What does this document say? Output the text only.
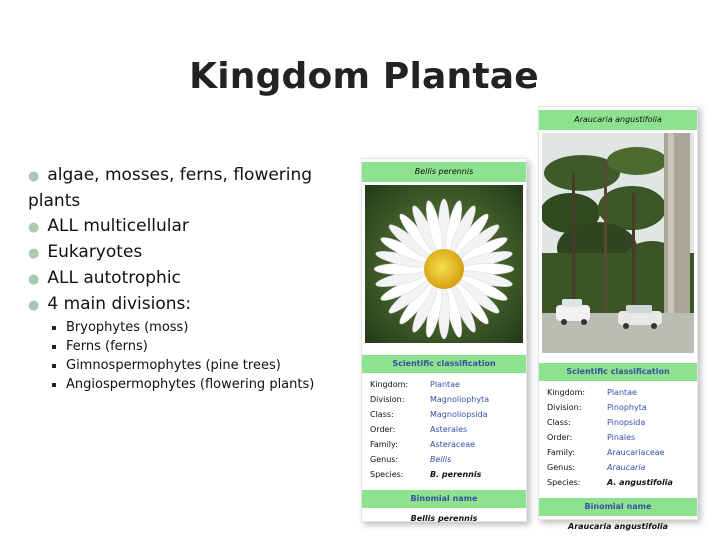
Kingdom Plantae
● algae, mosses, ferns, flowering plants
● ALL multicellular
● Eukaryotes
● ALL autotrophic
● 4 main divisions:
Bryophytes (moss)
Ferns (ferns)
Gimnospermophytes (pine trees)
Angiospermophytes (flowering plants)
Bellis perennis
Scientific classification
Kingdom:	Plantae
Division:	Magnoliophyta
Class:	Magnoliopsida
Order:	Asterales
Family:	Asteraceae
Genus:	Bellis
Species:	B. perennis
Binomial name
Bellis perennis
Araucaria angustifolia
Scientific classification
Kingdom:	Plantae
Division:	Pinophyta
Class:	Pinopsida
Order:	Pinales
Family:	Araucariaceae
Genus:	Araucaria
Species:	A. angustifolia
Binomial name
Araucaria angustifolia
